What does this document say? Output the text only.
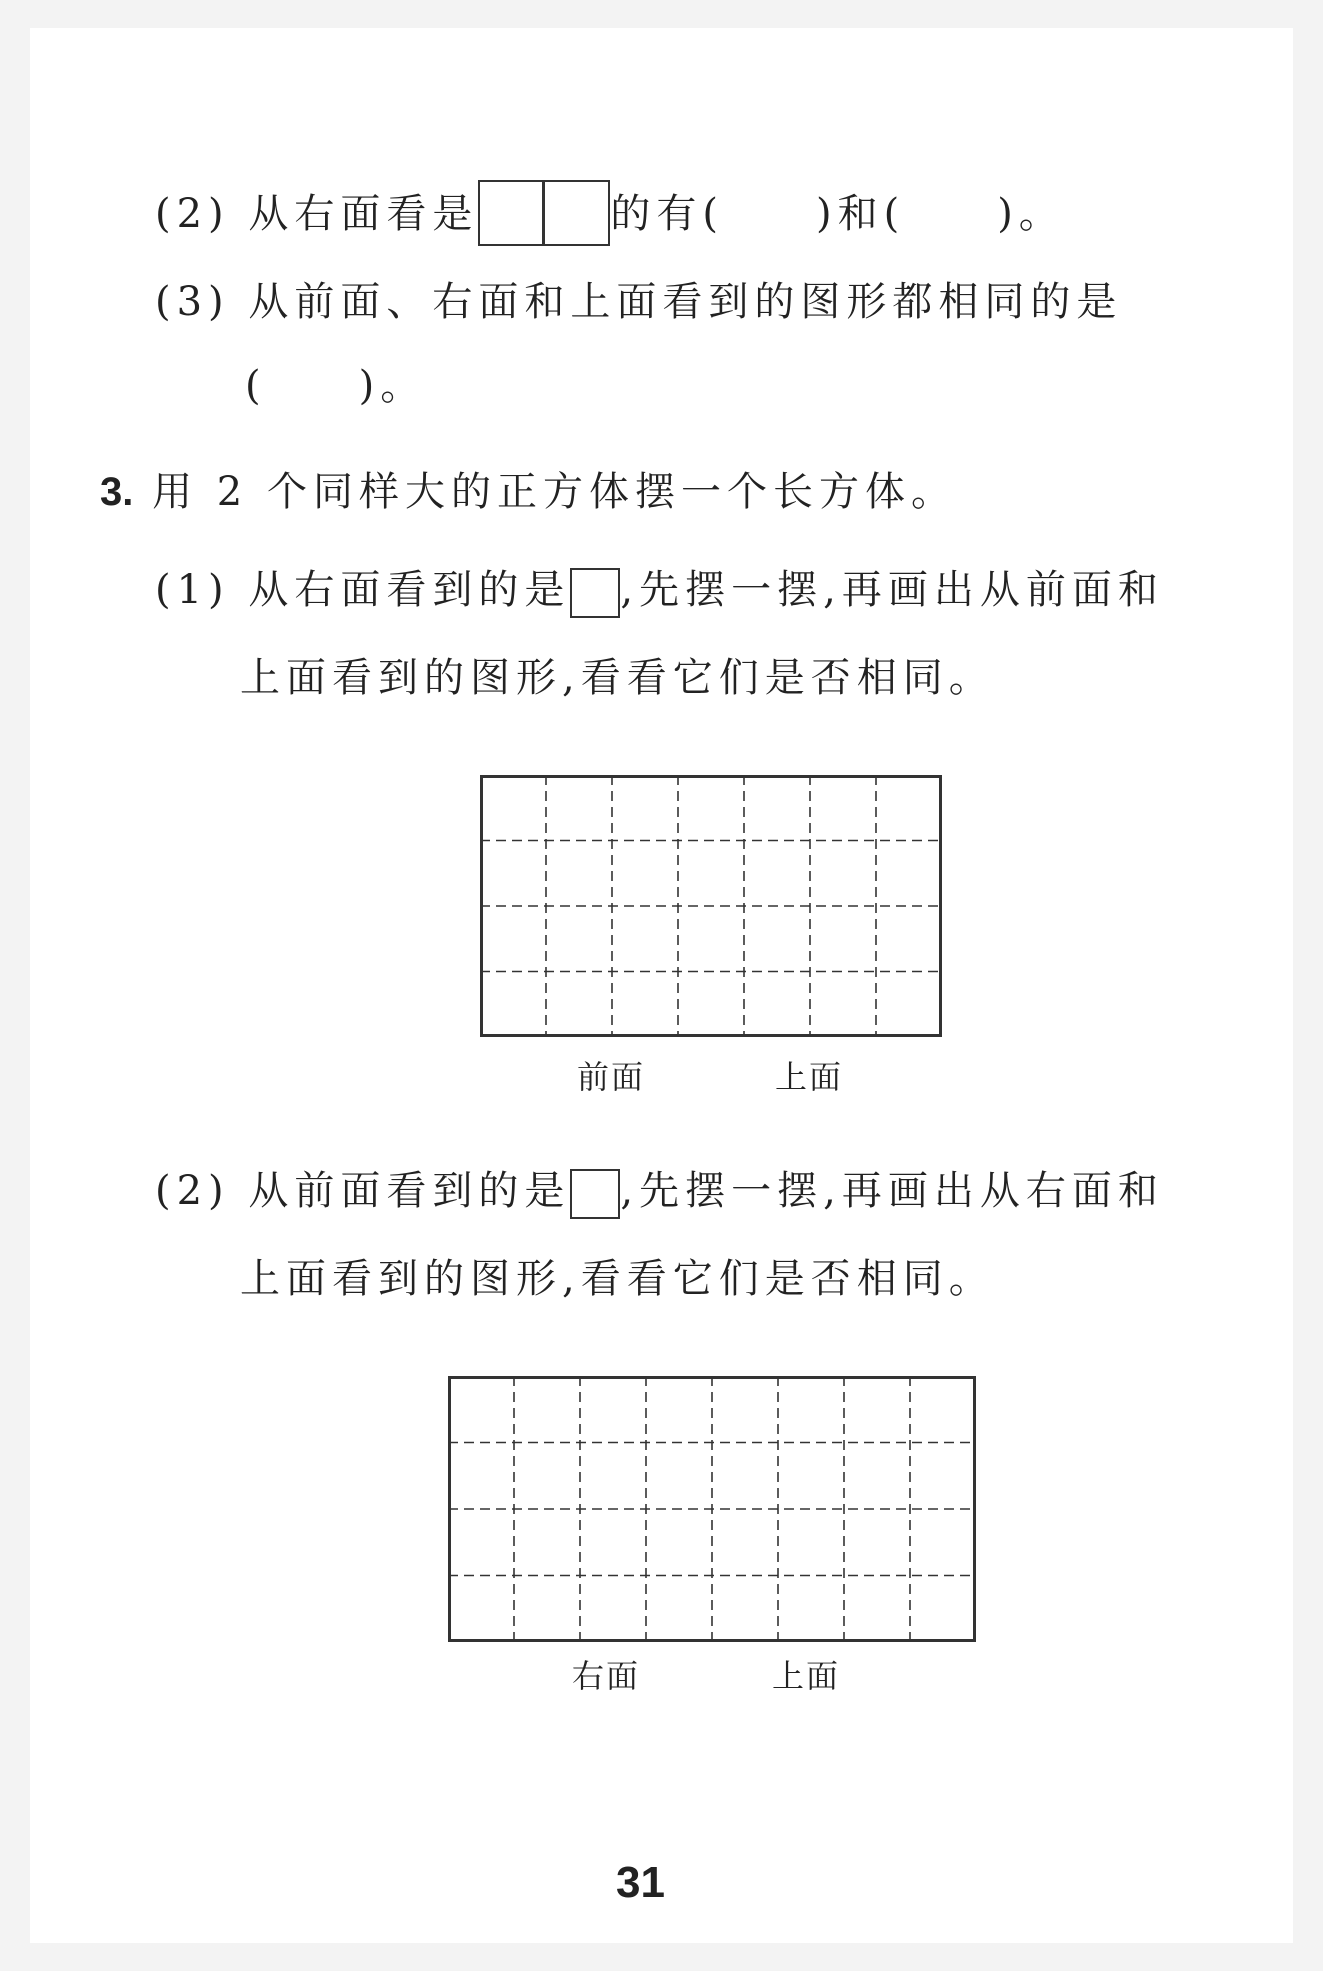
(2) 从右面看是	的有(　　)和(　　)。
(3) 从前面、右面和上面看到的图形都相同的是
(　　)。
3. 用 2 个同样大的正方体摆一个长方体。
(1) 从右面看到的是 ,先摆一摆,再画出从前面和
上面看到的图形,看看它们是否相同。
前面	上面
(2) 从前面看到的是 ,先摆一摆,再画出从右面和
上面看到的图形,看看它们是否相同。
右面	上面
31
